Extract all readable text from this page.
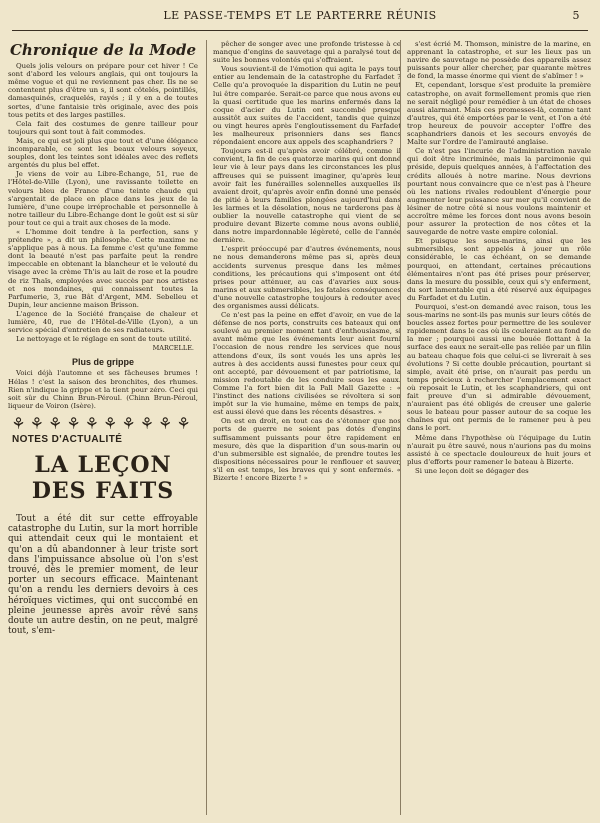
LE PASSE-TEMPS ET LE PARTERRE RÉUNIS	5
Chronique de la Mode

Quels jolis velours on prépare pour cet hiver ! Ce sont d'abord les velours anglais, qui ont toujours la même vogue et qui ne reviennent pas cher. Ils ne se contentent plus d'être un s, il sont côtelés, pointillés, damasquinés, craquelés, rayés ; il y en a de toutes sortes, d'une fantaisie très originale, avec des pois tous petits et des larges pastilles.

Cela fait des costumes de genre tailleur pour toujours qui sont tout à fait commodes.

Mais, ce qui est joli plus que tout et d'une élégance incomparable, ce sont les beaux velours soyeux, souples, dont les teintes sont idéales avec des reflets argentés du plus bel effet.

Je viens de voir au Libre-Échange, 51, rue de l'Hôtel-de-Ville (Lyon), une ravissante toilette en velours bleu de France d'une teinte chaude qui s'argentait de place en place dans les jeux de la lumière, d'une coupe irréprochable et personnelle à notre tailleur du Libre-Échange dont le goût est si sûr pour tout ce qui a trait aux choses de la mode.

« L'homme doit tendre à la perfection, sans y prétendre », a dit un philosophe. Cette maxime ne s'applique pas à nous. La femme c'est qu'une femme dont la beauté n'est pas parfaite peut la rendre impeccable en obtenant la blancheur et le velouté du visage avec la crème Th'is au lait de rose et la poudre de riz Thaïs, employées avec succès par nos artistes et nos mondaines, qui connaissent toutes la Parfumerie, 3, rue Bât d'Argent, MM. Sebelleu et Dupin, leur ancienne maison Brisson.

L'agence de la Société française de chaleur et lumière, 40, rue de l'Hôtel-de-Ville (Lyon), a un service spécial d'entretien de ses radiateurs.

Le nettoyage et le réglage en sont de toute utilité.

MARCELLE.
Plus de grippe

Voici déjà l'automne et ses fâcheuses brumes ! Hélas ! c'est la saison des bronchites, des rhumes. Rien n'indique la grippe et la tient pour zéro. Ceci qui soit sûr du Chinn Brun-Péroul. (Chinn Brun-Péroul, liqueur de Voiron (Isère).

⚘⚘⚘⚘⚘⚘⚘⚘⚘⚘
NOTES D'ACTUALITÉ
LA LEÇON DES FAITS

Tout a été dit sur cette effroyable catastrophe du Lutin, sur la mort horrible qui attendait ceux qui le montaient et qu'on a dû abandonner à leur triste sort dans l'impuissance absolue où l'on s'est trouvé, dès le premier moment, de leur porter un secours efficace. Maintenant qu'on a rendu les derniers devoirs à ces héroïques victimes, qui ont succombé en pleine jeunesse après avoir rêvé sans doute un autre destin, on ne peut, malgré tout, s'em-

pêcher de songer avec une profonde tristesse à ce manque d'engins de sauvetage qui a paralysé tout de suite les bonnes volontés qui s'offraient.

Vous souvient-il de l'émotion qui agita le pays tout entier au lendemain de la catastrophe du Farfadet ? Celle qu'a provoquée la disparition du Lutin ne peut lui être comparée. Serait-ce parce que nous avons eu la quasi certitude que les marins enfermés dans la coque d'acier du Lutin ont succombé presque aussitôt aux suites de l'accident, tandis que quinze ou vingt heures après l'engloutissement du Farfadet les malheureux prisonniers dans ses flancs répondaient encore aux appels des scaphandriers ?

Toujours est-il qu'après avoir célébré, comme il convient, la fin de ces quatorze marins qui ont donné leur vie à leur pays dans les circonstances les plus affreuses qui se puissent imaginer, qu'après leur avoir fait les funérailles solennelles auxquelles ils avaient droit, qu'après avoir enfin donné une pensée de pitié à leurs familles plongées aujourd'hui dans les larmes et la désolation, nous ne tarderons pas à oublier la nouvelle catastrophe qui vient de se produire devant Bizerte comme nous avons oublié, dans notre impardonnable légèreté, celle de l'année dernière.

L'esprit préoccupé par d'autres événements, nous ne nous demanderons même pas si, après deux accidents survenus presque dans les mêmes conditions, les précautions qui s'imposent ont été prises pour atténuer, au cas d'avaries aux sous-marins et aux submersibles, les fatales conséquences d'une nouvelle catastrophe toujours à redouter avec des organismes aussi délicats.

Ce n'est pas la peine en effet d'avoir, en vue de la défense de nos ports, construits ces bateaux qui ont soulevé au premier moment tant d'enthousiasme, si avant même que les événements leur aient fourni l'occasion de nous rendre les services que nous attendons d'eux, ils sont voués les uns après les autres à des accidents aussi funestes pour ceux qui ont accepté, par dévouement et par patriotisme, la mission redoutable de les conduire sous les eaux. Comme l'a fort bien dit la Pall Mall Gazette : « l'instinct des nations civilisées se révoltera si son impôt sur la vie humaine, même en temps de paix, est aussi élevé que dans les récents désastres. »

On est en droit, en tout cas de s'étonner que nos ports de guerre ne soient pas dotés d'engins suffisamment puissants pour être rapidement en mesure, dès que la disparition d'un sous-marin ou d'un submersible est signalée, de prendre toutes les dispositions nécessaires pour le renflouer et sauver, s'il en est temps, les braves qui y sont enfermés. « Bizerte ! encore Bizerte ! »

s'est écrié M. Thomson, ministre de la marine, en apprenant la catastrophe, et sur les lieux pas un navire de sauvetage ne possède des appareils assez puissants pour aller chercher, par quarante mètres de fond, la masse énorme qui vient de s'abîmer ! »

Et, cependant, lorsque s'est produite la première catastrophe, on avait formellement promis que rien ne serait négligé pour remédier à un état de choses aussi alarmant. Mais ces promesses-là, comme tant d'autres, qui été emportées par le vent, et l'on a été trop heureux de pouvoir accepter l'offre des scaphandriers danois et les secours envoyés de Malte sur l'ordre de l'amirauté anglaise.

Ce n'est pas l'incurie de l'administration navale qui doit être incriminée, mais la parcimonie qui préside, depuis quelques années, à l'affectation des crédits alloués à notre marine. Nous devrions pourtant nous convaincre que ce n'est pas à l'heure où les nations rivales redoublent d'énergie pour augmenter leur puissance sur mer qu'il convient de lésiner de notre côté si nous voulons maintenir et accroître même les forces dont nous avons besoin pour assurer la protection de nos côtes et la sauvegarde de notre vaste empire colonial.

Et puisque les sous-marins, ainsi que les submersibles, sont appelés à jouer un rôle considérable, le cas échéant, on se demande pourquoi, en attendant, certaines précautions élémentaires n'ont pas été prises pour préserver, dans la mesure du possible, ceux qui s'y enferment, du sort lamentable qui a été réservé aux équipages du Farfadet et du Lutin.

Pourquoi, s'est-on demandé avec raison, tous les sous-marins ne sont-ils pas munis sur leurs côtés de boucles assez fortes pour permettre de les soulever rapidement dans le cas où ils couleraient au fond de la mer ; pourquoi aussi une bouée flottant à la surface des eaux ne serait-elle pas reliée par un filin au bateau chaque fois que celui-ci se livrerait à ses évolutions ? Si cette double précaution, pourtant si simple, avait été prise, on n'aurait pas perdu un temps précieux à rechercher l'emplacement exact où reposait le Lutin, et les scaphandriers, qui ont fait preuve d'un si admirable dévouement, n'auraient pas été obligés de creuser une galerie sous le bateau pour passer autour de sa coque les chaînes qui ont permis de le ramener peu à peu dans le port.

Même dans l'hypothèse où l'équipage du Lutin n'aurait pu être sauvé, nous n'aurions pas du moins assisté à ce spectacle douloureux de huit jours et plus d'efforts pour ramener le bateau à Bizerte.

Si une leçon doit se dégager des
